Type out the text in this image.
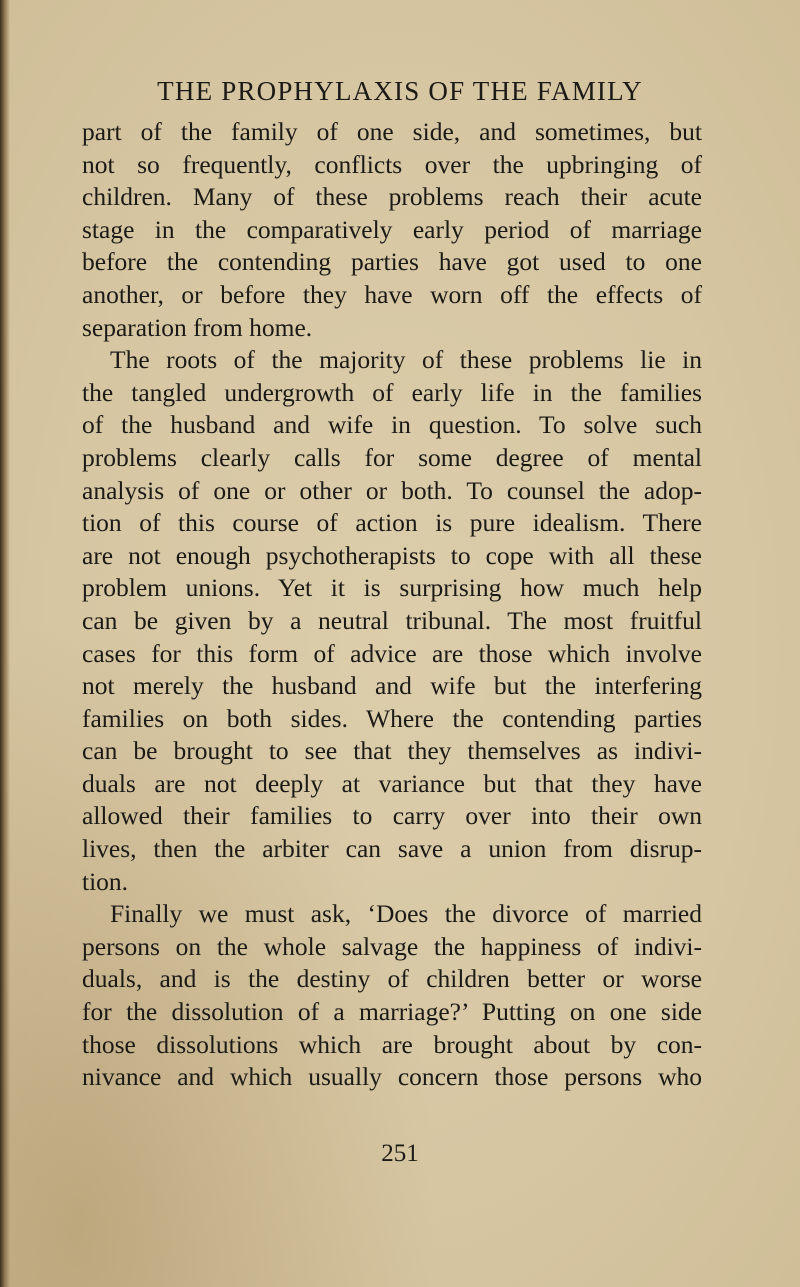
THE PROPHYLAXIS OF THE FAMILY
part of the family of one side, and sometimes, but
not so frequently, conflicts over the upbringing of
children. Many of these problems reach their acute
stage in the comparatively early period of marriage
before the contending parties have got used to one
another, or before they have worn off the effects of
separation from home.
The roots of the majority of these problems lie in
the tangled undergrowth of early life in the families
of the husband and wife in question. To solve such
problems clearly calls for some degree of mental
analysis of one or other or both. To counsel the adop-
tion of this course of action is pure idealism. There
are not enough psychotherapists to cope with all these
problem unions. Yet it is surprising how much help
can be given by a neutral tribunal. The most fruitful
cases for this form of advice are those which involve
not merely the husband and wife but the interfering
families on both sides. Where the contending parties
can be brought to see that they themselves as indivi-
duals are not deeply at variance but that they have
allowed their families to carry over into their own
lives, then the arbiter can save a union from disrup-
tion.
Finally we must ask, ‘Does the divorce of married
persons on the whole salvage the happiness of indivi-
duals, and is the destiny of children better or worse
for the dissolution of a marriage?’ Putting on one side
those dissolutions which are brought about by con-
nivance and which usually concern those persons who
251
